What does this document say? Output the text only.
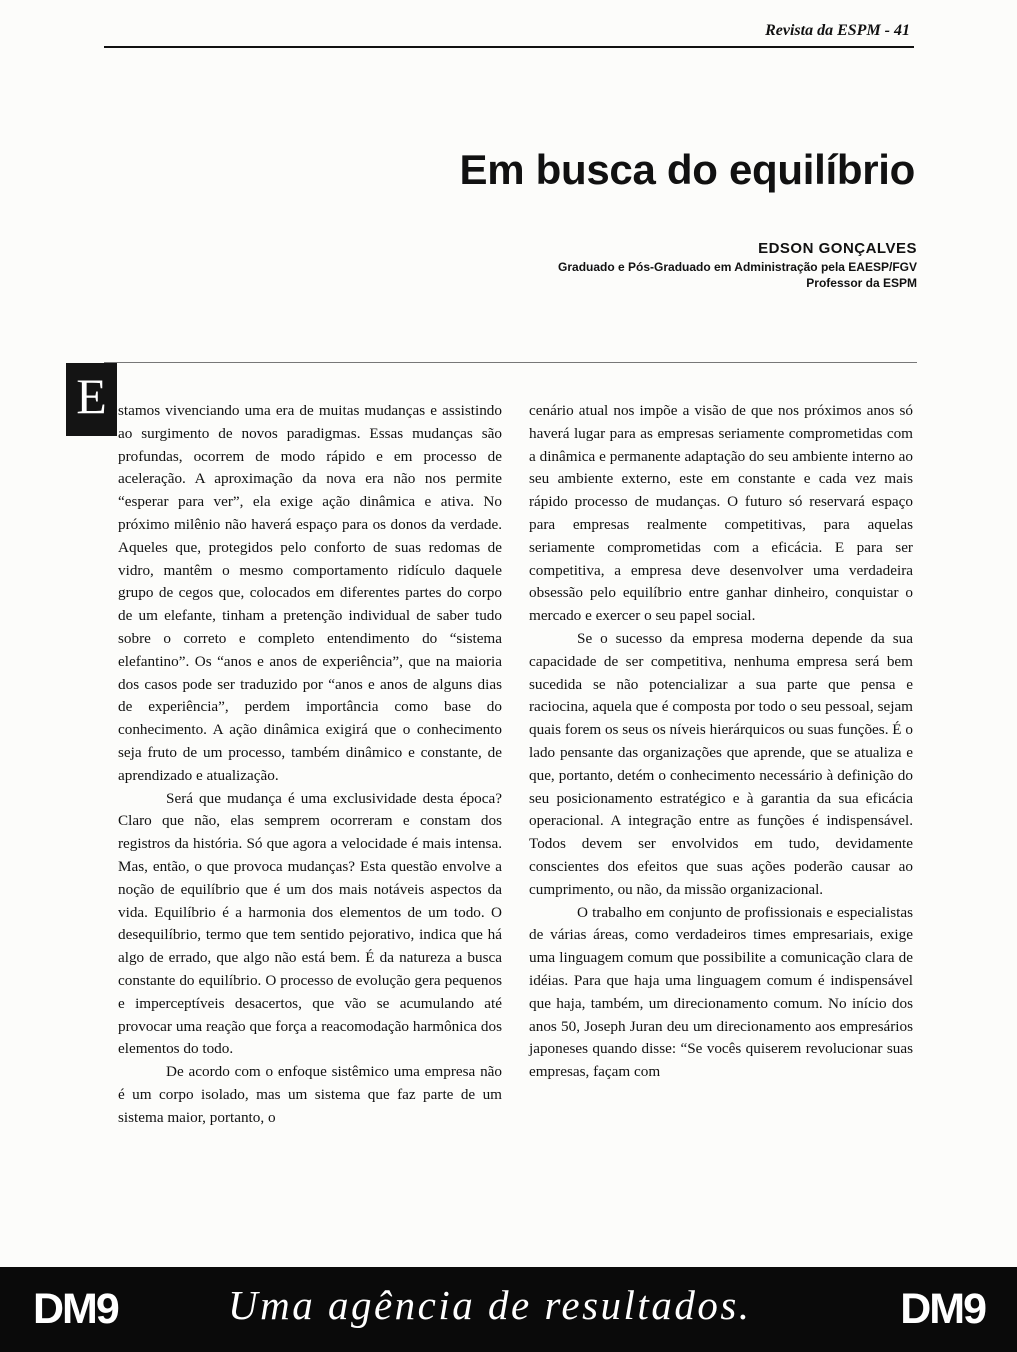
Revista da ESPM - 41
Em busca do equilíbrio
EDSON GONÇALVES
Graduado e Pós-Graduado em Administração pela EAESP/FGV
Professor da ESPM
E stamos vivenciando uma era de muitas mudanças e assistindo ao surgimento de novos paradigmas. Essas mudanças são profundas, ocorrem de modo rápido e em processo de aceleração. A aproximação da nova era não nos permite “esperar para ver”, ela exige ação dinâmica e ativa. No próximo milênio não haverá espaço para os donos da verdade. Aqueles que, protegidos pelo conforto de suas redomas de vidro, mantêm o mesmo comportamento ridículo daquele grupo de cegos que, colocados em diferentes partes do corpo de um elefante, tinham a pretenção individual de saber tudo sobre o correto e completo entendimento do “sistema elefantino”. Os “anos e anos de experiência”, que na maioria dos casos pode ser traduzido por “anos e anos de alguns dias de experiência”, perdem importância como base do conhecimento. A ação dinâmica exigirá que o conhecimento seja fruto de um processo, também dinâmico e constante, de aprendizado e atualização.

Será que mudança é uma exclusividade desta época? Claro que não, elas semprem ocorreram e constam dos registros da história. Só que agora a velocidade é mais intensa. Mas, então, o que provoca mudanças? Esta questão envolve a noção de equilíbrio que é um dos mais notáveis aspectos da vida. Equilíbrio é a harmonia dos elementos de um todo. O desequilíbrio, termo que tem sentido pejorativo, indica que há algo de errado, que algo não está bem. É da natureza a busca constante do equilíbrio. O processo de evolução gera pequenos e imperceptíveis desacertos, que vão se acumulando até provocar uma reação que força a reacomodação harmônica dos elementos do todo.

De acordo com o enfoque sistêmico uma empresa não é um corpo isolado, mas um sistema que faz parte de um sistema maior, portanto, o

cenário atual nos impõe a visão de que nos próximos anos só haverá lugar para as empresas seriamente comprometidas com a dinâmica e permanente adaptação do seu ambiente interno ao seu ambiente externo, este em constante e cada vez mais rápido processo de mudanças. O futuro só reservará espaço para empresas realmente competitivas, para aquelas seriamente comprometidas com a eficácia. E para ser competitiva, a empresa deve desenvolver uma verdadeira obsessão pelo equilíbrio entre ganhar dinheiro, conquistar o mercado e exercer o seu papel social.

Se o sucesso da empresa moderna depende da sua capacidade de ser competitiva, nenhuma empresa será bem sucedida se não potencializar a sua parte que pensa e raciocina, aquela que é composta por todo o seu pessoal, sejam quais forem os seus os níveis hierárquicos ou suas funções. É o lado pensante das organizações que aprende, que se atualiza e que, portanto, detém o conhecimento necessário à definição do seu posicionamento estratégico e à garantia da sua eficácia operacional. A integração entre as funções é indispensável. Todos devem ser envolvidos em tudo, devidamente conscientes dos efeitos que suas ações poderão causar ao cumprimento, ou não, da missão organizacional.

O trabalho em conjunto de profissionais e especialistas de várias áreas, como verdadeiros times empresariais, exige uma linguagem comum que possibilite a comunicação clara de idéias. Para que haja uma linguagem comum é indispensável que haja, também, um direcionamento comum. No início dos anos 50, Joseph Juran deu um direcionamento aos empresários japoneses quando disse: “Se vocês quiserem revolucionar suas empresas, façam com

DM9	Uma agência de resultados.	DM9
